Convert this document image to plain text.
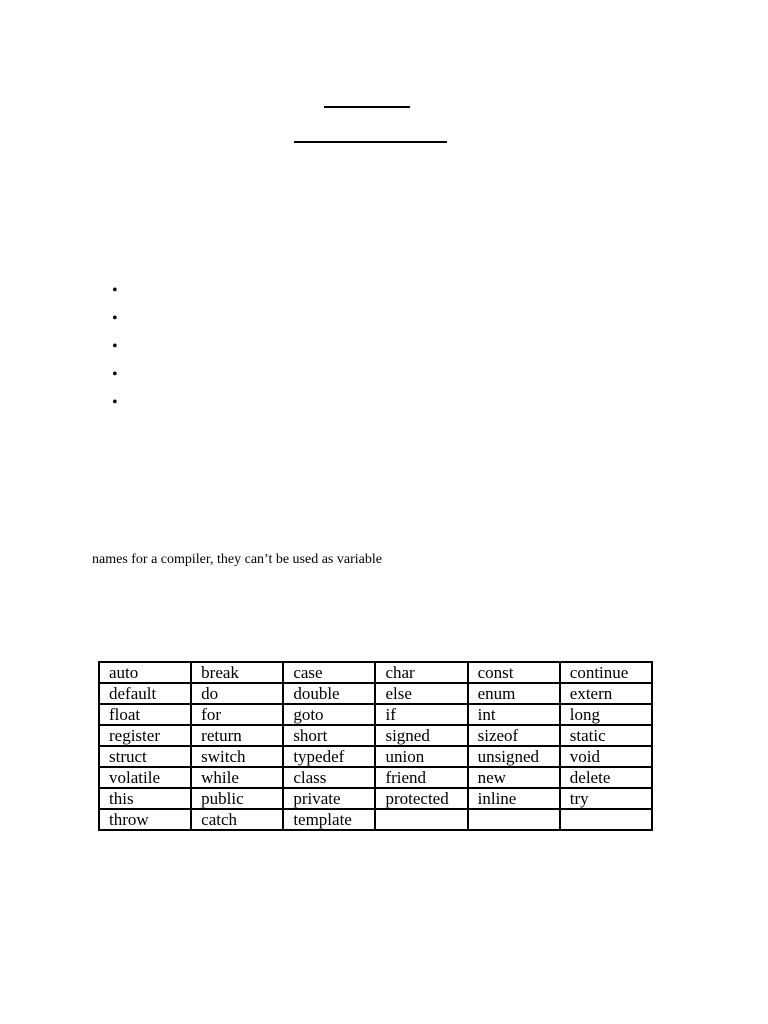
•
•
•
•
•
names for a compiler, they can’t be used as variable
auto	break	case	char	const	continue
default	do	double	else	enum	extern
float	for	goto	if	int	long
register	return	short	signed	sizeof	static
struct	switch	typedef	union	unsigned	void
volatile	while	class	friend	new	delete
this	public	private	protected	inline	try
throw	catch	template			
